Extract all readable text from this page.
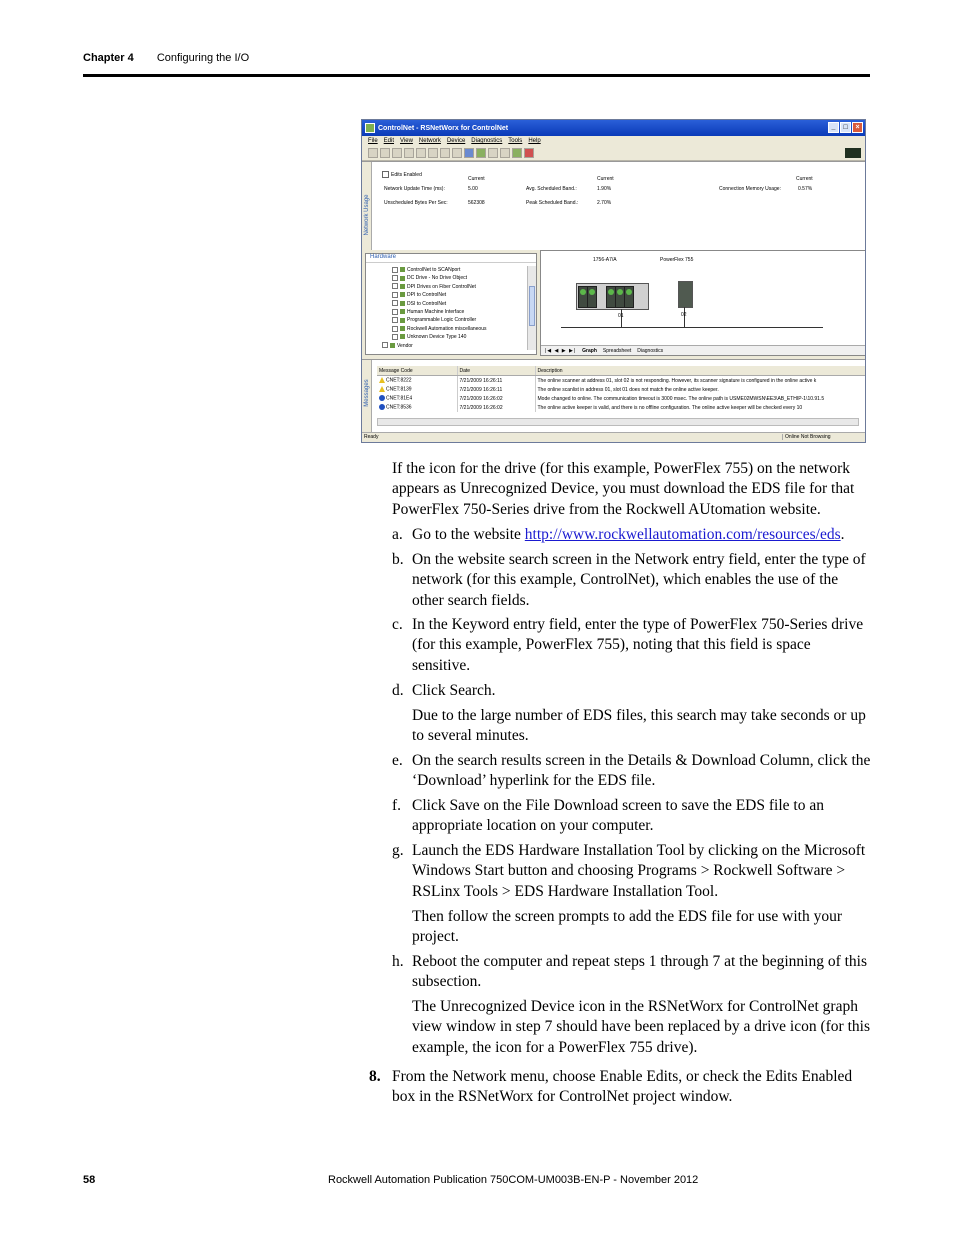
Chapter 4 Configuring the I/O
ControlNet - RSNetWorx for ControlNet	_	□	×
File Edit View Network Device Diagnostics Tools Help
Network Usage
Edits Enabled
Current	Current	Current
Network Update Time (ms):	5.00	Avg. Scheduled Band.:	1.90%	Connection Memory Usage:	0.57%
Unscheduled Bytes Per Sec:	562308	Peak Scheduled Band.:	2.70%
Hardware
ControlNet to SCANport
DC Drive - No Drive Object
DPI Drives on Fiber ControlNet
DPI to ControlNet
DSI to ControlNet
Human Machine Interface
Programmable Logic Controller
Rockwell Automation miscellaneous
Unknown Device Type 140
Vendor
1756-A7/A	PowerFlex 755
01	02
|◀ ◀ ▶ ▶| Graph Spreadsheet Diagnostics
Messages
Message Code	Date	Description
CNET:8222	7/21/2009 16:26:11	The online scanner at address 01, slot 02 is not responding. However, its scanner signature is configured in the online active k
CNET:8139	7/21/2009 16:26:11	The online scanlist in address 01, slot 01 does not match the online active keeper.
CNET:81E4	7/21/2009 16:26:02	Mode changed to online. The communication timeout is 3000 msec. The online path is USME02MWSN\EE3\AB_ETHIP-1\10.91.5
CNET:8536	7/21/2009 16:26:02	The online active keeper is valid, and there is no offline configuration. The online active keeper will be checked every 10
Ready	Online Not Browsing
If the icon for the drive (for this example, PowerFlex 755) on the network appears as Unrecognized Device, you must download the EDS file for that PowerFlex 750-Series drive from the Rockwell AUtomation website.
a. Go to the website http://www.rockwellautomation.com/resources/eds.
b. On the website search screen in the Network entry field, enter the type of network (for this example, ControlNet), which enables the use of the other search fields.
c. In the Keyword entry field, enter the type of PowerFlex 750-Series drive (for this example, PowerFlex 755), noting that this field is space sensitive.
d. Click Search.
Due to the large number of EDS files, this search may take seconds or up to several minutes.
e. On the search results screen in the Details & Download Column, click the ‘Download’ hyperlink for the EDS file.
f. Click Save on the File Download screen to save the EDS file to an appropriate location on your computer.
g. Launch the EDS Hardware Installation Tool by clicking on the Microsoft Windows Start button and choosing Programs > Rockwell Software > RSLinx Tools > EDS Hardware Installation Tool.
Then follow the screen prompts to add the EDS file for use with your project.
h. Reboot the computer and repeat steps 1 through 7 at the beginning of this subsection.
The Unrecognized Device icon in the RSNetWorx for ControlNet graph view window in step 7 should have been replaced by a drive icon (for this example, the icon for a PowerFlex 755 drive).
8. From the Network menu, choose Enable Edits, or check the Edits Enabled box in the RSNetWorx for ControlNet project window.
58	Rockwell Automation Publication 750COM-UM003B-EN-P - November 2012
